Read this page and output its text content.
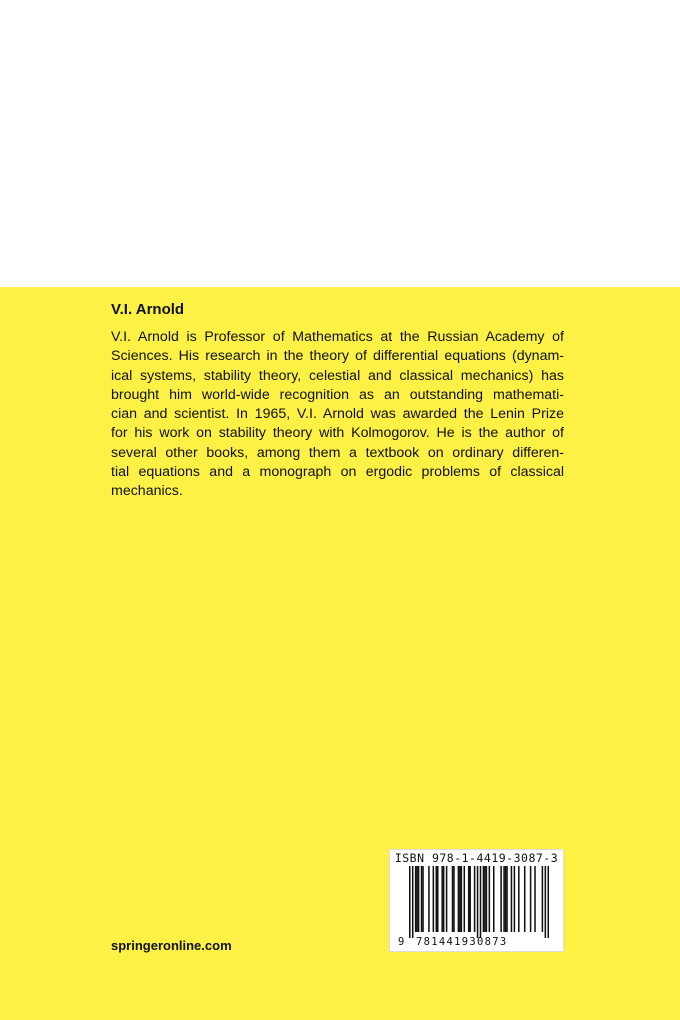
V.I. Arnold

V.I. Arnold is Professor of Mathematics at the Russian Academy of
Sciences. His research in the theory of differential equations (dynam-
ical systems, stability theory, celestial and classical mechanics) has
brought him world-wide recognition as an outstanding mathemati-
cian and scientist. In 1965, V.I. Arnold was awarded the Lenin Prize
for his work on stability theory with Kolmogorov. He is the author of
several other books, among them a textbook on ordinary differen-
tial equations and a monograph on ergodic problems of classical
mechanics.

springeronline.com

ISBN 978-1-4419-3087-3
9 781441930873
